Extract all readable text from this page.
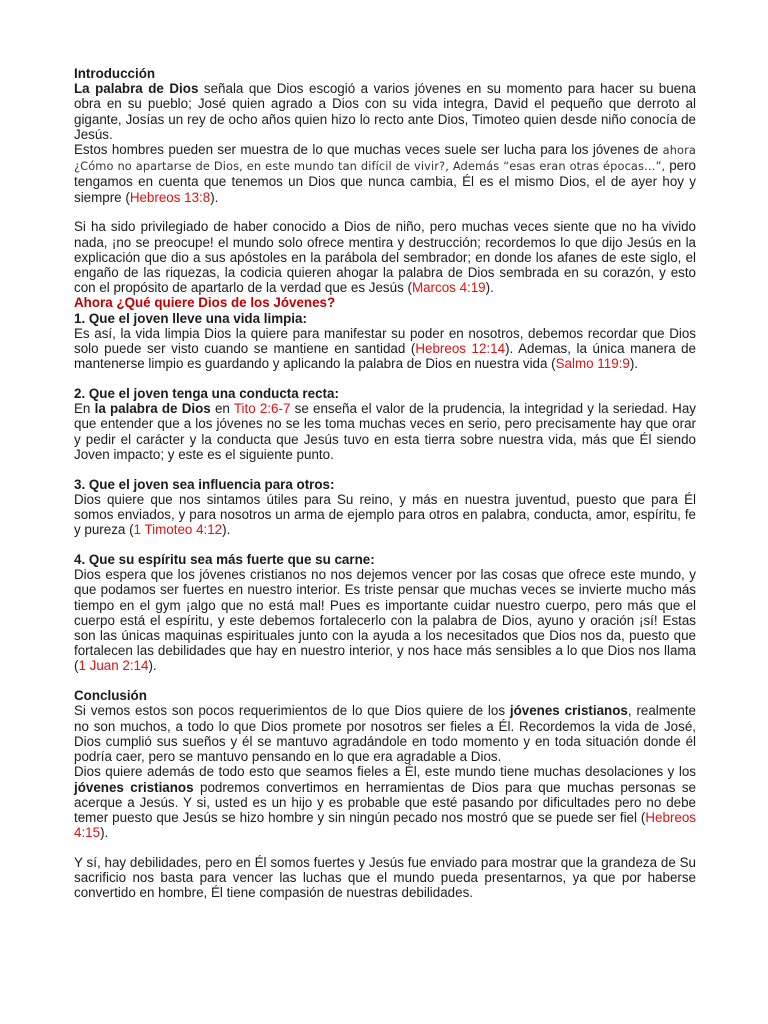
Introducción

La palabra de Dios señala que Dios escogió a varios jóvenes en su momento para hacer su buena obra en su pueblo; José quien agrado a Dios con su vida integra, David el pequeño que derroto al gigante, Josías un rey de ocho años quien hizo lo recto ante Dios, Timoteo quien desde niño conocía de Jesús.

Estos hombres pueden ser muestra de lo que muchas veces suele ser lucha para los jóvenes de ahora ¿Cómo no apartarse de Dios, en este mundo tan difícil de vivir?, Además “esas eran otras épocas…”, pero tengamos en cuenta que tenemos un Dios que nunca cambia, Él es el mismo Dios, el de ayer hoy y siempre (Hebreos 13:8).

Si ha sido privilegiado de haber conocido a Dios de niño, pero muchas veces siente que no ha vivido nada, ¡no se preocupe! el mundo solo ofrece mentira y destrucción; recordemos lo que dijo Jesús en la explicación que dio a sus apóstoles en la parábola del sembrador; en donde los afanes de este siglo, el engaño de las riquezas, la codicia quieren ahogar la palabra de Dios sembrada en su corazón, y esto con el propósito de apartarlo de la verdad que es Jesús (Marcos 4:19).

Ahora ¿Qué quiere Dios de los Jóvenes?

1. Que el joven lleve una vida limpia:

Es así, la vida limpia Dios la quiere para manifestar su poder en nosotros, debemos recordar que Dios solo puede ser visto cuando se mantiene en santidad (Hebreos 12:14). Ademas, la única manera de mantenerse limpio es guardando y aplicando la palabra de Dios en nuestra vida (Salmo 119:9).

2. Que el joven tenga una conducta recta:

En la palabra de Dios en Tito 2:6-7 se enseña el valor de la prudencia, la integridad y la seriedad. Hay que entender que a los jóvenes no se les toma muchas veces en serio, pero precisamente hay que orar y pedir el carácter y la conducta que Jesús tuvo en esta tierra sobre nuestra vida, más que Él siendo Joven impacto; y este es el siguiente punto.

3. Que el joven sea influencia para otros:

Dios quiere que nos sintamos útiles para Su reino, y más en nuestra juventud, puesto que para Él somos enviados, y para nosotros un arma de ejemplo para otros en palabra, conducta, amor, espíritu, fe y pureza (1 Timoteo 4:12).

4. Que su espíritu sea más fuerte que su carne:

Dios espera que los jóvenes cristianos no nos dejemos vencer por las cosas que ofrece este mundo, y que podamos ser fuertes en nuestro interior. Es triste pensar que muchas veces se invierte mucho más tiempo en el gym ¡algo que no está mal! Pues es importante cuidar nuestro cuerpo, pero más que el cuerpo está el espíritu, y este debemos fortalecerlo con la palabra de Dios, ayuno y oración ¡sí! Estas son las únicas maquinas espirituales junto con la ayuda a los necesitados que Dios nos da, puesto que fortalecen las debilidades que hay en nuestro interior, y nos hace más sensibles a lo que Dios nos llama (1 Juan 2:14).

Conclusión

Si vemos estos son pocos requerimientos de lo que Dios quiere de los jóvenes cristianos, realmente no son muchos, a todo lo que Dios promete por nosotros ser fieles a Él. Recordemos la vida de José, Dios cumplió sus sueños y él se mantuvo agradándole en todo momento y en toda situación donde él podría caer, pero se mantuvo pensando en lo que era agradable a Dios.

Dios quiere además de todo esto que seamos fieles a Él, este mundo tiene muchas desolaciones y los jóvenes cristianos podremos convertimos en herramientas de Dios para que muchas personas se acerque a Jesús. Y si, usted es un hijo y es probable que esté pasando por dificultades pero no debe temer puesto que Jesús se hizo hombre y sin ningún pecado nos mostró que se puede ser fiel (Hebreos 4:15).

Y sí, hay debilidades, pero en Él somos fuertes y Jesús fue enviado para mostrar que la grandeza de Su sacrificio nos basta para vencer las luchas que el mundo pueda presentarnos, ya que por haberse convertido en hombre, Él tiene compasión de nuestras debilidades.
